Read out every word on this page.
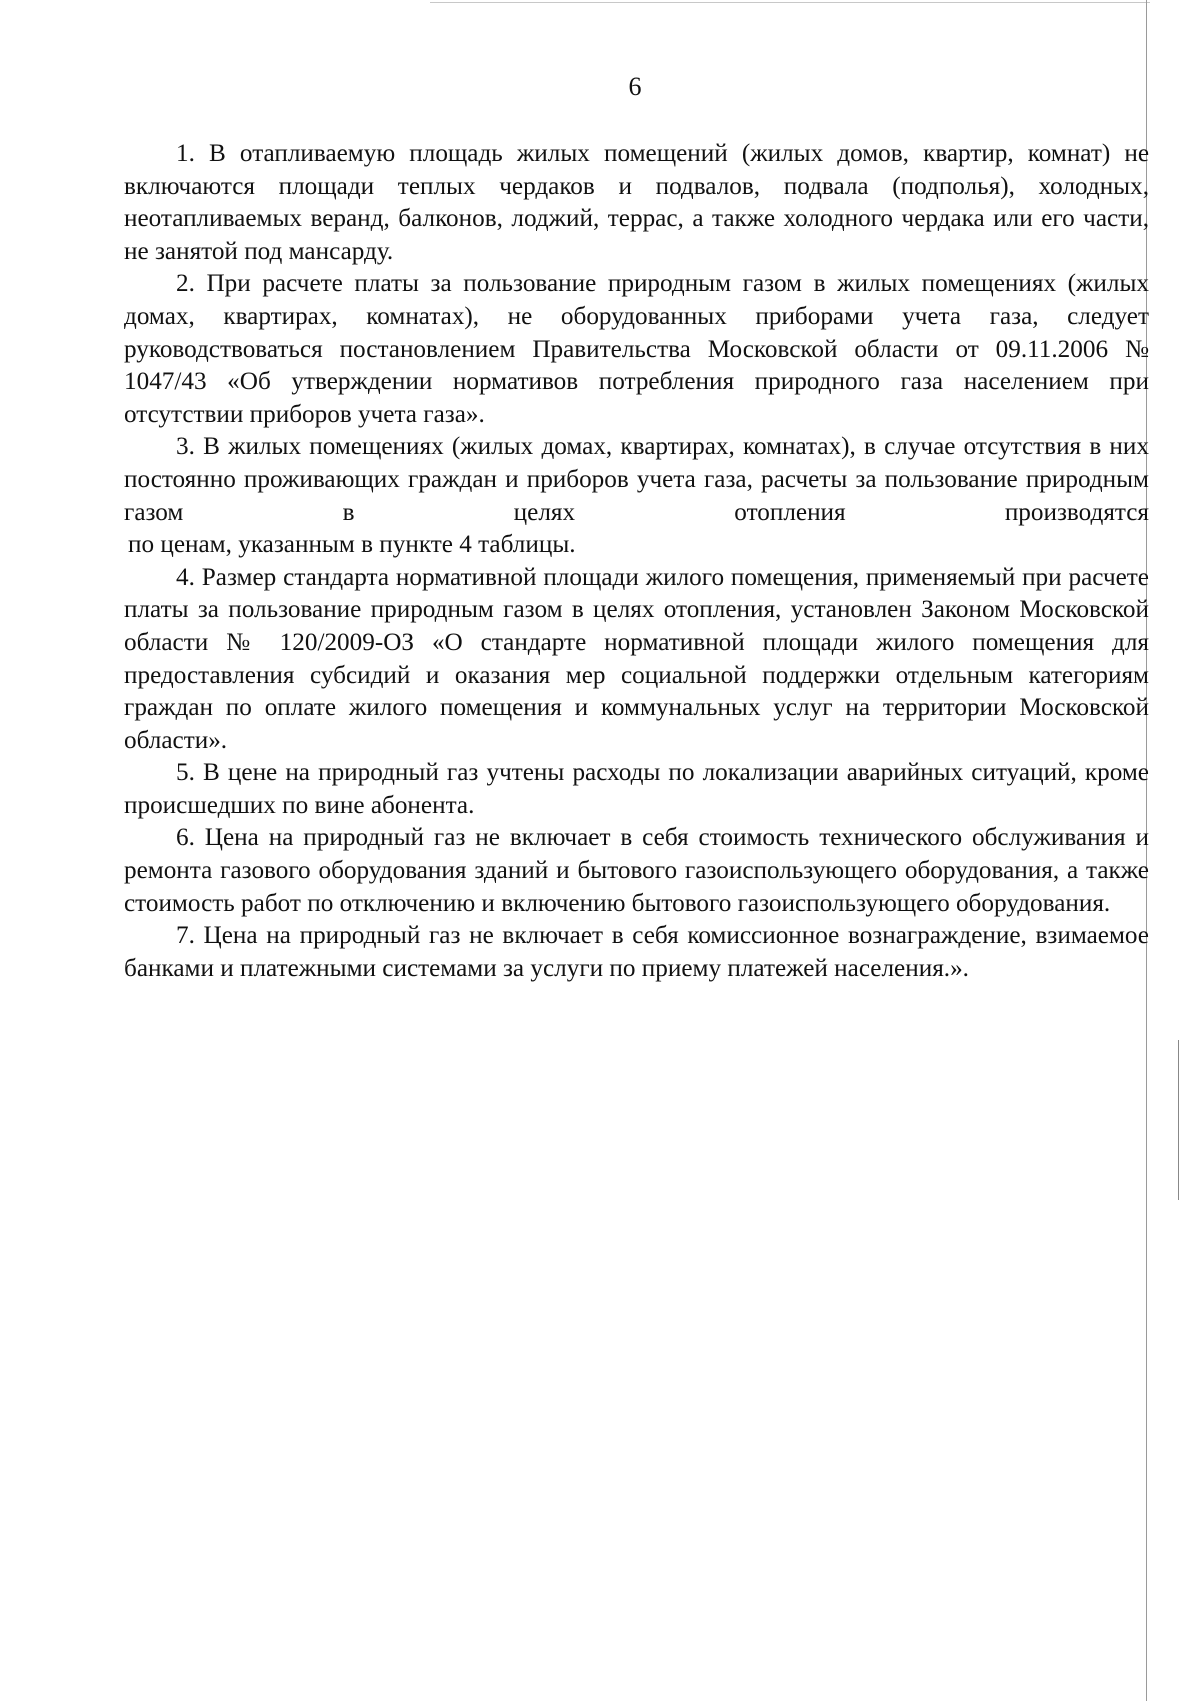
6

1. В отапливаемую площадь жилых помещений (жилых домов, квартир, комнат) не включаются площади теплых чердаков и подвалов, подвала (подполья), холодных, неотапливаемых веранд, балконов, лоджий, террас, а также холодного чердака или его части, не занятой под мансарду.

2. При расчете платы за пользование природным газом в жилых помещениях (жилых домах, квартирах, комнатах), не оборудованных приборами учета газа, следует руководствоваться постановлением Правительства Московской области от 09.11.2006 № 1047/43 «Об утверждении нормативов потребления природного газа населением при отсутствии приборов учета газа».

3. В жилых помещениях (жилых домах, квартирах, комнатах), в случае отсутствия в них постоянно проживающих граждан и приборов учета газа, расчеты за пользование природным газом в целях отопления производятся

по ценам, указанным в пункте 4 таблицы.

4. Размер стандарта нормативной площади жилого помещения, применяемый при расчете платы за пользование природным газом в целях отопления, установлен Законом Московской области № 120/2009-ОЗ «О стандарте нормативной площади жилого помещения для предоставления субсидий и оказания мер социальной поддержки отдельным категориям граждан по оплате жилого помещения и коммунальных услуг на территории Московской области».

5. В цене на природный газ учтены расходы по локализации аварийных ситуаций, кроме происшедших по вине абонента.

6. Цена на природный газ не включает в себя стоимость технического обслуживания и ремонта газового оборудования зданий и бытового газоиспользующего оборудования, а также стоимость работ по отключению и включению бытового газоиспользующего оборудования.

7. Цена на природный газ не включает в себя комиссионное вознаграждение, взимаемое банками и платежными системами за услуги по приему платежей населения.».
